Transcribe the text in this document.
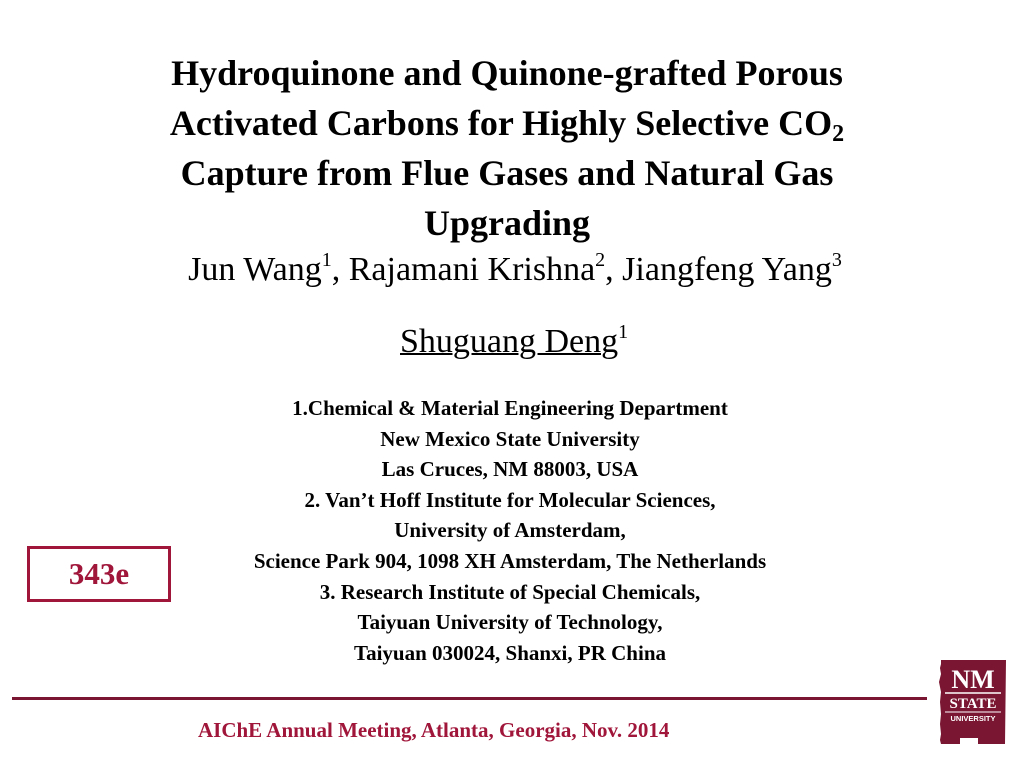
Hydroquinone and Quinone-grafted Porous
Activated Carbons for Highly Selective $CO_2$
Capture from Flue Gases and Natural Gas
Upgrading
Jun Wang$^1$, Rajamani Krishna$^2$, Jiangfeng Yang$^3$
Shuguang Deng$^1$
1.Chemical & Material Engineering Department
New Mexico State University
Las Cruces, NM 88003, USA
2. Van’t Hoff Institute for Molecular Sciences,
University of Amsterdam,
Science Park 904, 1098 XH Amsterdam, The Netherlands
3. Research Institute of Special Chemicals,
Taiyuan University of Technology,
Taiyuan 030024, Shanxi, PR China
343e
AIChE Annual Meeting, Atlanta, Georgia, Nov. 2014
NM
STATE
UNIVERSITY
